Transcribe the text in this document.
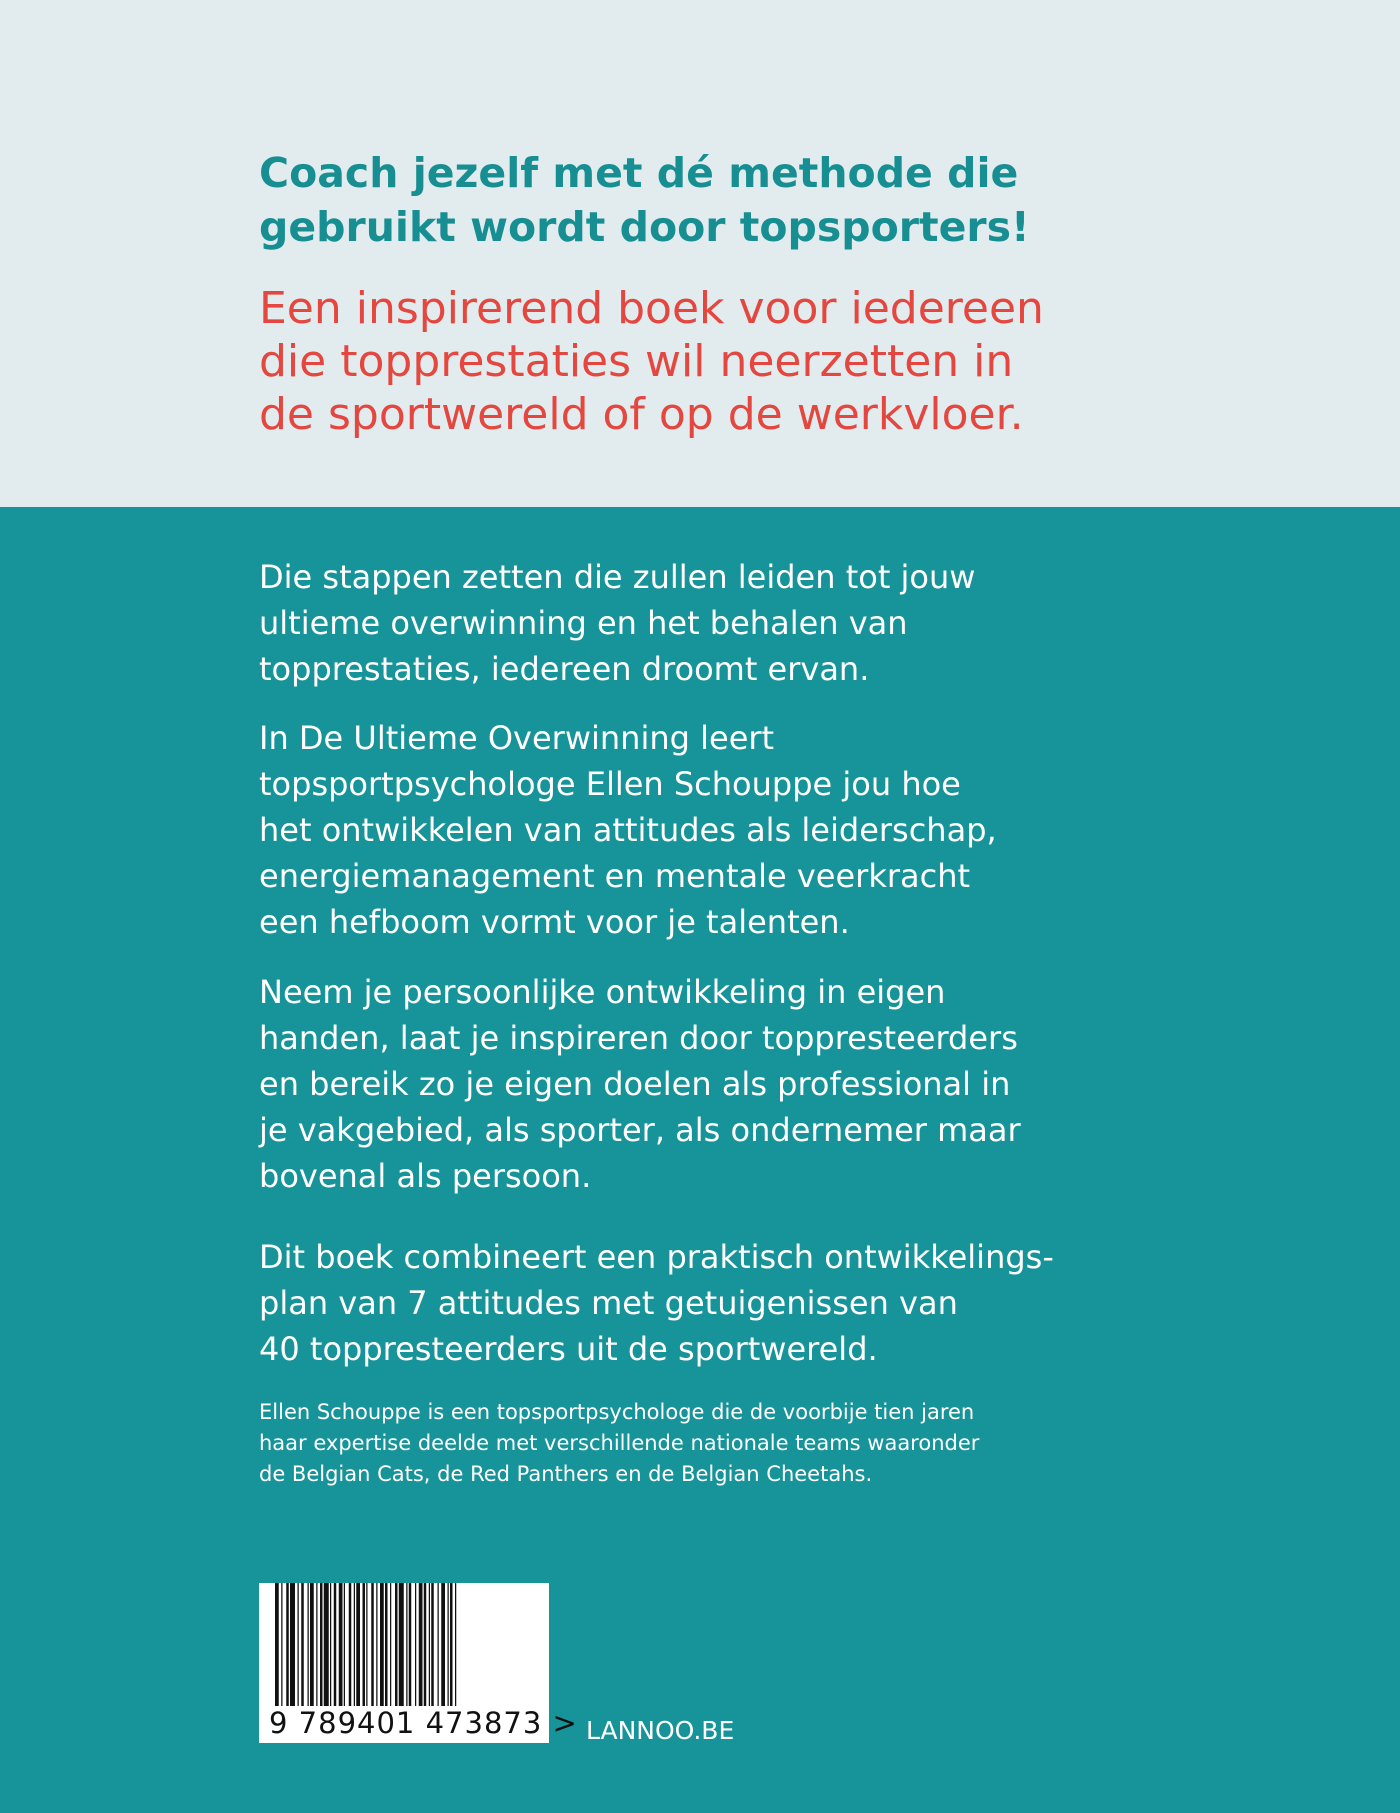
Coach jezelf met dé methode die
gebruikt wordt door topsporters!
Een inspirerend boek voor iedereen
die topprestaties wil neerzetten in
de sportwereld of op de werkvloer.

Die stappen zetten die zullen leiden tot jouw
ultieme overwinning en het behalen van
topprestaties, iedereen droomt ervan.

In De Ultieme Overwinning leert
topsportpsychologe Ellen Schouppe jou hoe
het ontwikkelen van attitudes als leiderschap,
energiemanagement en mentale veerkracht
een hefboom vormt voor je talenten.

Neem je persoonlijke ontwikkeling in eigen
handen, laat je inspireren door toppresteerders
en bereik zo je eigen doelen als professional in
je vakgebied, als sporter, als ondernemer maar
bovenal als persoon.

Dit boek combineert een praktisch ontwikkelings-
plan van 7 attitudes met getuigenissen van
40 toppresteerders uit de sportwereld.

Ellen Schouppe is een topsportpsychologe die de voorbije tien jaren
haar expertise deelde met verschillende nationale teams waaronder
de Belgian Cats, de Red Panthers en de Belgian Cheetahs.

9 789401 473873 > LANNOO.BE
